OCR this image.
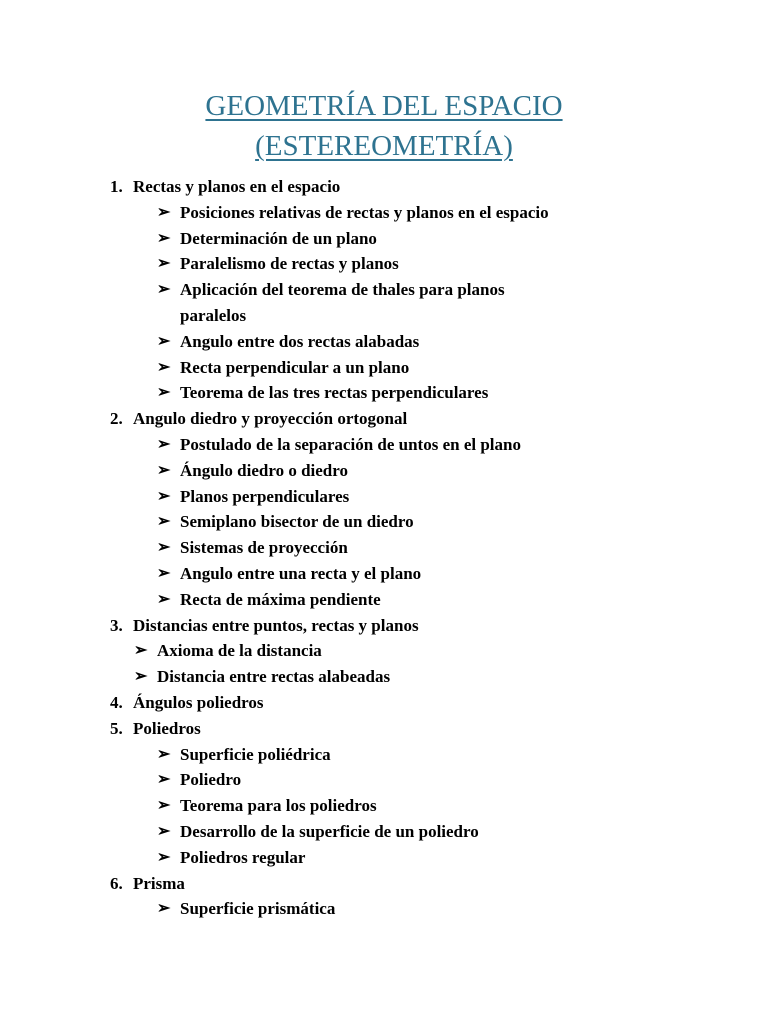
GEOMETRÍA DEL ESPACIO
(ESTEREOMETRÍA)
1. Rectas y planos en el espacio
➢ Posiciones relativas de rectas y planos en el espacio
➢ Determinación de un plano
➢ Paralelismo de rectas y planos
➢ Aplicación del teorema de thales para planos
paralelos
➢ Angulo entre dos rectas alabadas
➢ Recta perpendicular a un plano
➢ Teorema de las tres rectas perpendiculares
2. Angulo diedro y proyección ortogonal
➢ Postulado de la separación de untos en el plano
➢ Ángulo diedro o diedro
➢ Planos perpendiculares
➢ Semiplano bisector de un diedro
➢ Sistemas de proyección
➢ Angulo entre una recta y el plano
➢ Recta de máxima pendiente
3. Distancias entre puntos, rectas y planos
➢ Axioma de la distancia
➢ Distancia entre rectas alabeadas
4. Ángulos poliedros
5. Poliedros
➢ Superficie poliédrica
➢ Poliedro
➢ Teorema para los poliedros
➢ Desarrollo de la superficie de un poliedro
➢ Poliedros regular
6. Prisma
➢ Superficie prismática
